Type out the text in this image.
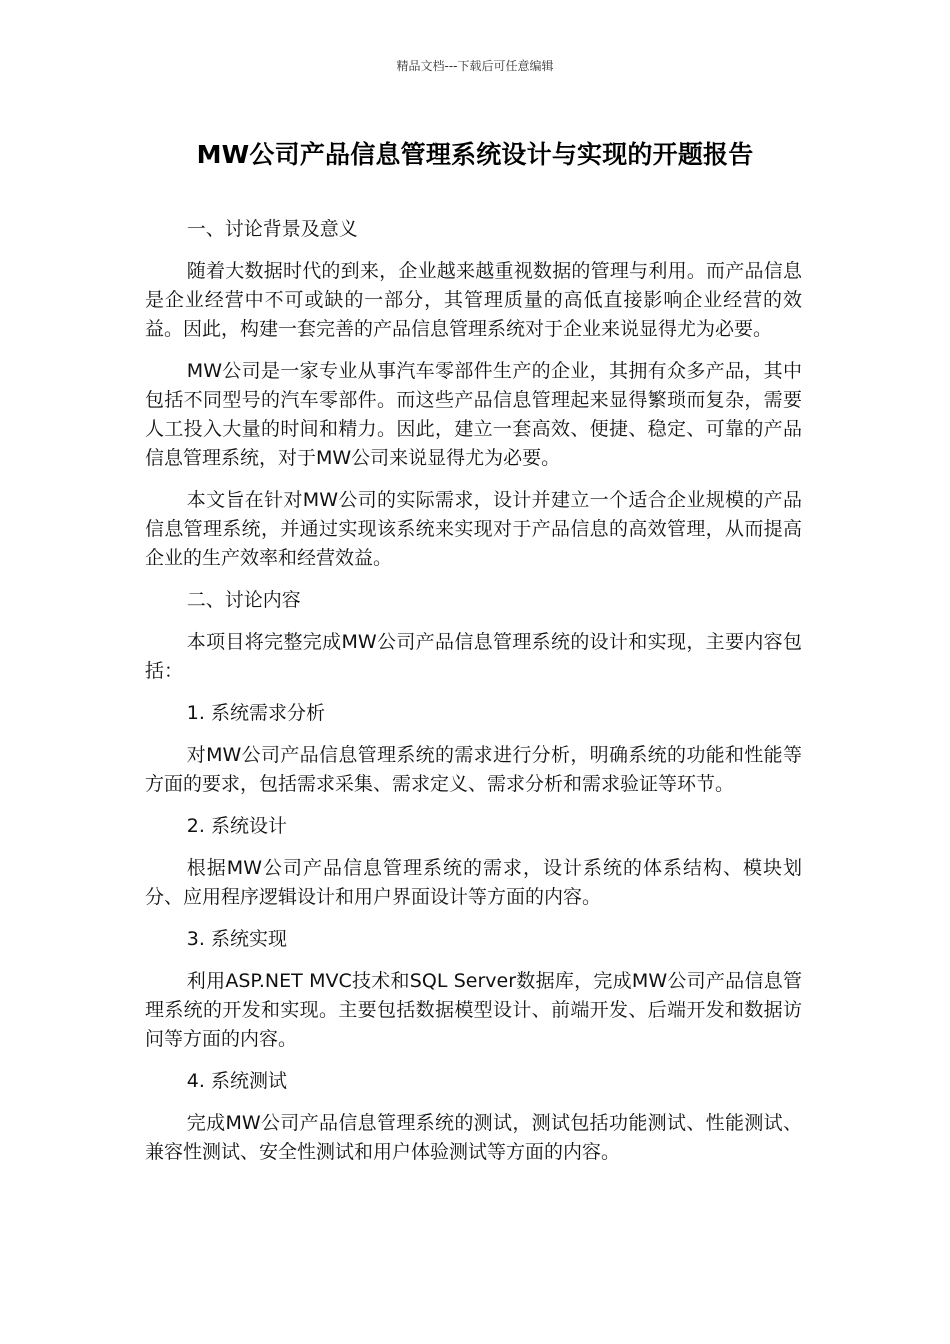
精品文档---下载后可任意编辑
MW公司产品信息管理系统设计与实现的开题报告

一、讨论背景及意义

随着大数据时代的到来，企业越来越重视数据的管理与利用。而产品信息是企业经营中不可或缺的一部分，其管理质量的高低直接影响企业经营的效益。因此，构建一套完善的产品信息管理系统对于企业来说显得尤为必要。

MW公司是一家专业从事汽车零部件生产的企业，其拥有众多产品，其中包括不同型号的汽车零部件。而这些产品信息管理起来显得繁琐而复杂，需要人工投入大量的时间和精力。因此，建立一套高效、便捷、稳定、可靠的产品信息管理系统，对于MW公司来说显得尤为必要。

本文旨在针对MW公司的实际需求，设计并建立一个适合企业规模的产品信息管理系统，并通过实现该系统来实现对于产品信息的高效管理，从而提高企业的生产效率和经营效益。

二、讨论内容

本项目将完整完成MW公司产品信息管理系统的设计和实现，主要内容包括：

1. 系统需求分析

对MW公司产品信息管理系统的需求进行分析，明确系统的功能和性能等方面的要求，包括需求采集、需求定义、需求分析和需求验证等环节。

2. 系统设计

根据MW公司产品信息管理系统的需求，设计系统的体系结构、模块划分、应用程序逻辑设计和用户界面设计等方面的内容。

3. 系统实现

利用ASP.NET MVC技术和SQL Server数据库，完成MW公司产品信息管理系统的开发和实现。主要包括数据模型设计、前端开发、后端开发和数据访问等方面的内容。

4. 系统测试

完成MW公司产品信息管理系统的测试，测试包括功能测试、性能测试、兼容性测试、安全性测试和用户体验测试等方面的内容。
